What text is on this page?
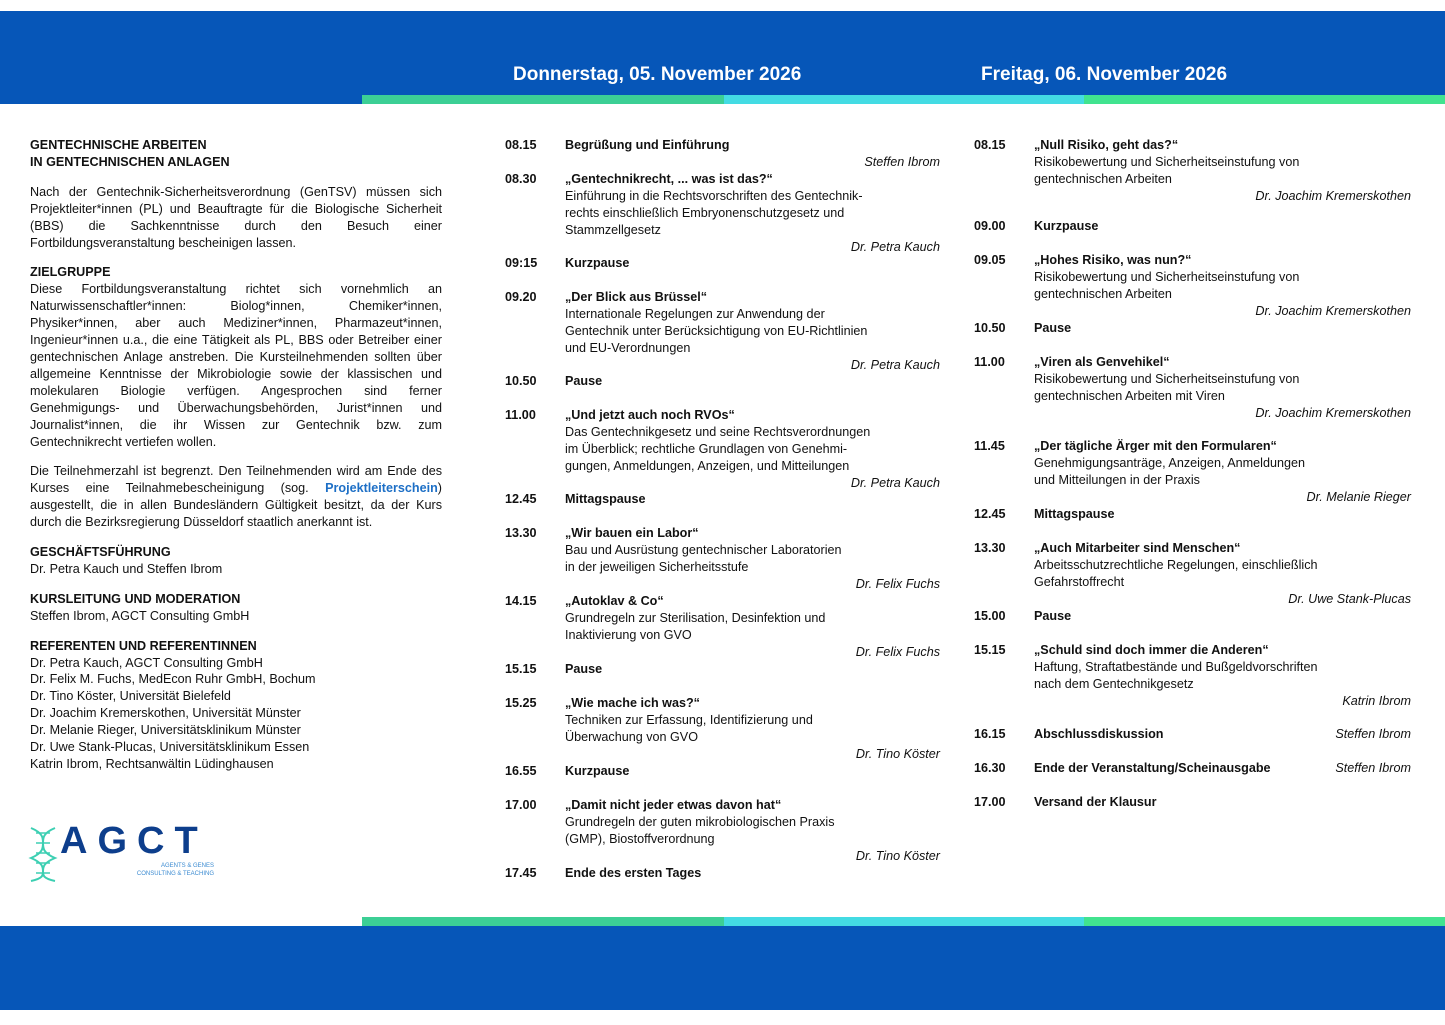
Donnerstag, 05. November 2026	Freitag, 06. November 2026
GENTECHNISCHE ARBEITEN
IN GENTECHNISCHEN ANLAGEN
Nach der Gentechnik-Sicherheitsverordnung (GenTSV) müssen sich Projektleiter*innen (PL) und Beauftragte für die Biologische Sicherheit (BBS) die Sachkenntnisse durch den Besuch einer Fortbildungsveranstaltung bescheinigen lassen.
ZIELGRUPPE
Diese Fortbildungsveranstaltung richtet sich vornehmlich an Naturwissenschaftler*innen: Biolog*innen, Chemiker*innen, Physiker*innen, aber auch Mediziner*innen, Pharmazeut*innen, Ingenieur*innen u.a., die eine Tätigkeit als PL, BBS oder Betreiber einer gentechnischen Anlage anstreben. Die Kursteilnehmenden sollten über allgemeine Kenntnisse der Mikrobiologie sowie der klassischen und molekularen Biologie verfügen. Angesprochen sind ferner Genehmigungs- und Überwachungsbehörden, Jurist*innen und Journalist*innen, die ihr Wissen zur Gentechnik bzw. zum Gentechnikrecht vertiefen wollen.
Die Teilnehmerzahl ist begrenzt. Den Teilnehmenden wird am Ende des Kurses eine Teilnahmebescheinigung (sog. Projektleiterschein) ausgestellt, die in allen Bundesländern Gültigkeit besitzt, da der Kurs durch die Bezirksregierung Düsseldorf staatlich anerkannt ist.
GESCHÄFTSFÜHRUNG
Dr. Petra Kauch und Steffen Ibrom
KURSLEITUNG UND MODERATION
Steffen Ibrom, AGCT Consulting GmbH
REFERENTEN UND REFERENTINNEN
Dr. Petra Kauch, AGCT Consulting GmbH
Dr. Felix M. Fuchs, MedEcon Ruhr GmbH, Bochum
Dr. Tino Köster, Universität Bielefeld
Dr. Joachim Kremerskothen, Universität Münster
Dr. Melanie Rieger, Universitätsklinikum Münster
Dr. Uwe Stank-Plucas, Universitätsklinikum Essen
Katrin Ibrom, Rechtsanwältin Lüdinghausen
AGCT
AGENTS & GENES
CONSULTING & TEACHING
08.15 Begrüßung und Einführung
Steffen Ibrom
08.30 „Gentechnikrecht, ... was ist das?“
Einführung in die Rechtsvorschriften des Gentechnik-
rechts einschließlich Embryonenschutzgesetz und
Stammzellgesetz
Dr. Petra Kauch
09:15 Kurzpause
09.20 „Der Blick aus Brüssel“
Internationale Regelungen zur Anwendung der
Gentechnik unter Berücksichtigung von EU-Richtlinien
und EU-Verordnungen
Dr. Petra Kauch
10.50 Pause
11.00 „Und jetzt auch noch RVOs“
Das Gentechnikgesetz und seine Rechtsverordnungen
im Überblick; rechtliche Grundlagen von Genehmi-
gungen, Anmeldungen, Anzeigen, und Mitteilungen
Dr. Petra Kauch
12.45 Mittagspause
13.30 „Wir bauen ein Labor“
Bau und Ausrüstung gentechnischer Laboratorien
in der jeweiligen Sicherheitsstufe
Dr. Felix Fuchs
14.15 „Autoklav & Co“
Grundregeln zur Sterilisation, Desinfektion und
Inaktivierung von GVO
Dr. Felix Fuchs
15.15 Pause
15.25 „Wie mache ich was?“
Techniken zur Erfassung, Identifizierung und
Überwachung von GVO
Dr. Tino Köster
16.55 Kurzpause
17.00 „Damit nicht jeder etwas davon hat“
Grundregeln der guten mikrobiologischen Praxis
(GMP), Biostoffverordnung
Dr. Tino Köster
17.45 Ende des ersten Tages
08.15 „Null Risiko, geht das?“
Risikobewertung und Sicherheitseinstufung von
gentechnischen Arbeiten
Dr. Joachim Kremerskothen
09.00 Kurzpause
09.05 „Hohes Risiko, was nun?“
Risikobewertung und Sicherheitseinstufung von
gentechnischen Arbeiten
Dr. Joachim Kremerskothen
10.50 Pause
11.00 „Viren als Genvehikel“
Risikobewertung und Sicherheitseinstufung von
gentechnischen Arbeiten mit Viren
Dr. Joachim Kremerskothen
11.45 „Der tägliche Ärger mit den Formularen“
Genehmigungsanträge, Anzeigen, Anmeldungen
und Mitteilungen in der Praxis
Dr. Melanie Rieger
12.45 Mittagspause
13.30 „Auch Mitarbeiter sind Menschen“
Arbeitsschutzrechtliche Regelungen, einschließlich
Gefahrstoffrecht
Dr. Uwe Stank-Plucas
15.00 Pause
15.15 „Schuld sind doch immer die Anderen“
Haftung, Straftatbestände und Bußgeldvorschriften
nach dem Gentechnikgesetz
Katrin Ibrom
16.15 Abschlussdiskussion	Steffen Ibrom
16.30 Ende der Veranstaltung/Scheinausgabe	Steffen Ibrom
17.00 Versand der Klausur
